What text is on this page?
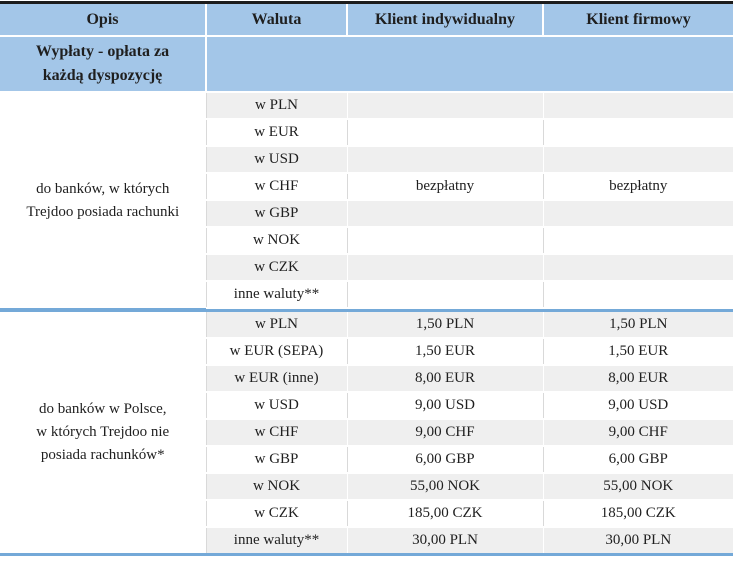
Opis	Waluta	Klient indywidualny	Klient firmowy

Wypłaty - opłata za
każdą dyspozycję			

do banków, w których
Trejdoo posiada rachunki	w PLN		
	w EUR		
	w USD		
	w CHF	bezpłatny	bezpłatny
	w GBP		
	w NOK		
	w CZK		
	inne waluty**		

do banków w Polsce,
w których Trejdoo nie
posiada rachunków*	w PLN	1,50 PLN	1,50 PLN
	w EUR (SEPA)	1,50 EUR	1,50 EUR
	w EUR (inne)	8,00 EUR	8,00 EUR
	w USD	9,00 USD	9,00 USD
	w CHF	9,00 CHF	9,00 CHF
	w GBP	6,00 GBP	6,00 GBP
	w NOK	55,00 NOK	55,00 NOK
	w CZK	185,00 CZK	185,00 CZK
	inne waluty**	30,00 PLN	30,00 PLN
